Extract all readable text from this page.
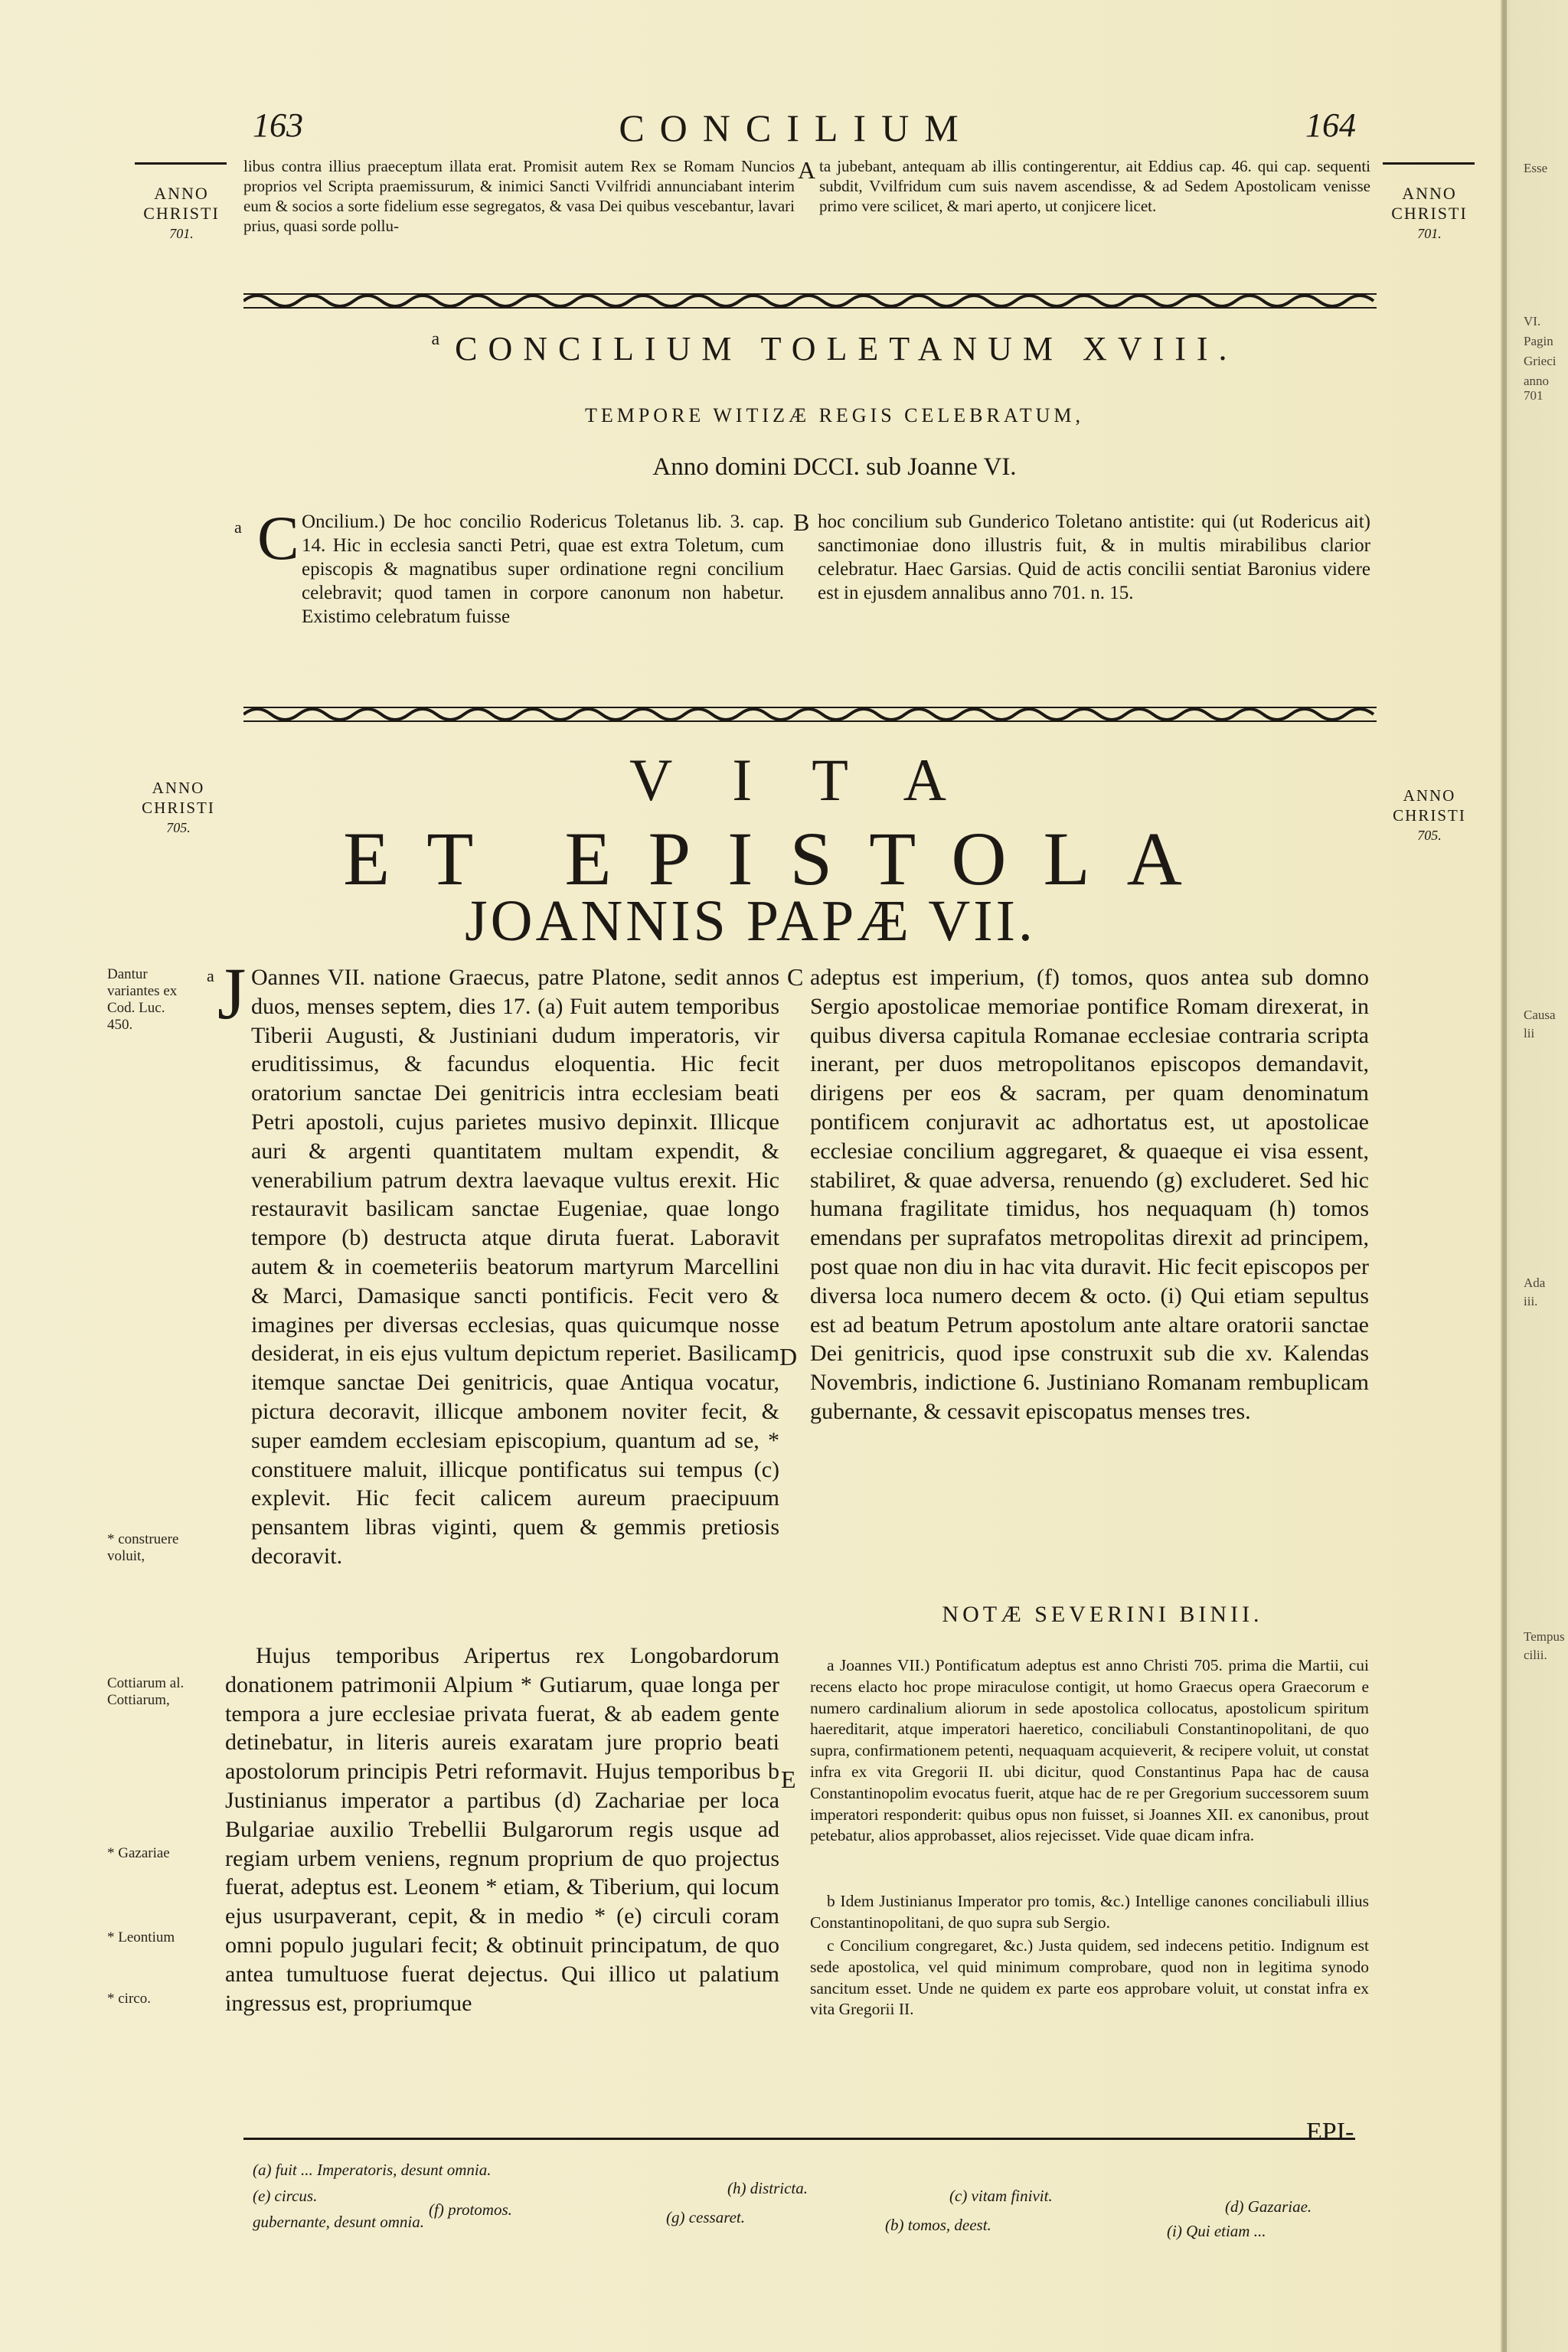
163	CONCILIUM	164
ANNO
CHRISTI
701.
ANNO
CHRISTI
701.
libus contra illius praeceptum illata erat. Promisit autem Rex se Romam Nuncios proprios vel Scripta praemissurum, & inimici Sancti Vvilfridi annunciabant interim eum & socios a sorte fidelium esse segregatos, & vasa Dei quibus vescebantur, lavari prius, quasi sorde pollu-
A ta jubebant, antequam ab illis contingerentur, ait Eddius cap. 46. qui cap. sequenti subdit, Vvilfridum cum suis navem ascendisse, & ad Sedem Apostolicam venisse primo vere scilicet, & mari aperto, ut conjicere licet.
$^a$ CONCILIUM TOLETANUM XVIII.
TEMPORE WITIZÆ REGIS CELEBRATUM,
Anno domini DCCI. sub Joanne VI.
a C Oncilium.) De hoc concilio Rodericus Toletanus lib. 3. cap. 14. Hic in ecclesia sancti Petri, quae est extra Toletum, cum episcopis & magnatibus super ordinatione regni concilium celebravit; quod tamen in corpore canonum non habetur. Existimo celebratum fuisse
B hoc concilium sub Gunderico Toletano antistite: qui (ut Rodericus ait) sanctimoniae dono illustris fuit, & in multis mirabilibus clarior celebratur. Haec Garsias. Quid de actis concilii sentiat Baronius videre est in ejusdem annalibus anno 701. n. 15.
ANNO
CHRISTI
705.
ANNO
CHRISTI
705.
VITA
ET EPISTOLA
JOANNIS PAPÆ VII.
Dantur variantes ex Cod. Luc. 450.
* construere voluit,
Cottiarum al. Cottiarum,
* Gazariae
* Leontium
* circo.
a J Oannes VII. natione Graecus, patre Platone, sedit annos duos, menses septem, dies 17. (a) Fuit autem temporibus Tiberii Augusti, & Justiniani dudum imperatoris, vir eruditissimus, & facundus eloquentia. Hic fecit oratorium sanctae Dei genitricis intra ecclesiam beati Petri apostoli, cujus parietes musivo depinxit. Illicque auri & argenti quantitatem multam expendit, & venerabilium patrum dextra laevaque vultus erexit. Hic restauravit basilicam sanctae Eugeniae, quae longo tempore (b) destructa atque diruta fuerat. Laboravit autem & in coemeteriis beatorum martyrum Marcellini & Marci, Damasique sancti pontificis. Fecit vero & imagines per diversas ecclesias, quas quicumque nosse desiderat, in eis ejus vultum depictum reperiet. Basilicam itemque sanctae Dei genitricis, quae Antiqua vocatur, pictura decoravit, illicque ambonem noviter fecit, & super eamdem ecclesiam episcopium, quantum ad se, * constituere maluit, illicque pontificatus sui tempus (c) explevit. Hic fecit calicem aureum praecipuum pensantem libras viginti, quem & gemmis pretiosis decoravit.
Hujus temporibus Aripertus rex Longobardorum donationem patrimonii Alpium * Gutiarum, quae longa per tempora a jure ecclesiae privata fuerat, & ab eadem gente detinebatur, in literis aureis exaratam jure proprio beati apostolorum principis Petri reformavit. Hujus temporibus b Justinianus imperator a partibus (d) Zachariae per loca Bulgariae auxilio Trebellii Bulgarorum regis usque ad regiam urbem veniens, regnum proprium de quo projectus fuerat, adeptus est. Leonem * etiam, & Tiberium, qui locum ejus usurpaverant, cepit, & in medio * (e) circuli coram omni populo jugulari fecit; & obtinuit principatum, de quo antea tumultuose fuerat dejectus. Qui illico ut palatium ingressus est, propriumque
C
D
E
adeptus est imperium, (f) tomos, quos antea sub domno Sergio apostolicae memoriae pontifice Romam direxerat, in quibus diversa capitula Romanae ecclesiae contraria scripta inerant, per duos metropolitanos episcopos demandavit, dirigens per eos & sacram, per quam denominatum pontificem conjuravit ac adhortatus est, ut apostolicae ecclesiae concilium aggregaret, & quaeque ei visa essent, stabiliret, & quae adversa, renuendo (g) excluderet. Sed hic humana fragilitate timidus, hos nequaquam (h) tomos emendans per suprafatos metropolitas direxit ad principem, post quae non diu in hac vita duravit. Hic fecit episcopos per diversa loca numero decem & octo. (i) Qui etiam sepultus est ad beatum Petrum apostolum ante altare oratorii sanctae Dei genitricis, quod ipse construxit sub die xv. Kalendas Novembris, indictione 6. Justiniano Romanam rembuplicam gubernante, & cessavit episcopatus menses tres.
NOTÆ SEVERINI BINII.
a Joannes VII.) Pontificatum adeptus est anno Christi 705. prima die Martii, cui recens elacto hoc prope miraculose contigit, ut homo Graecus opera Graecorum e numero cardinalium aliorum in sede apostolica collocatus, apostolicum spiritum haereditarit, atque imperatori haeretico, conciliabuli Constantinopolitani, de quo supra, confirmationem petenti, nequaquam acquieverit, & recipere voluit, ut constat infra ex vita Gregorii II. ubi dicitur, quod Constantinus Papa hac de causa Constantinopolim evocatus fuerit, atque hac de re per Gregorium successorem suum imperatori responderit: quibus opus non fuisset, si Joannes XII. ex canonibus, prout petebatur, alios approbasset, alios rejecisset. Vide quae dicam infra.
b Idem Justinianus Imperator pro tomis, &c.) Intellige canones conciliabuli illius Constantinopolitani, de quo supra sub Sergio.
c Concilium congregaret, &c.) Justa quidem, sed indecens petitio. Indignum est sede apostolica, vel quid minimum comprobare, quod non in legitima synodo sancitum esset. Unde ne quidem ex parte eos approbare voluit, ut constat infra ex vita Gregorii II.
EPI-
(a) fuit ... Imperatoris, desunt omnia.
(e) circus.
(f) protomos.
gubernante, desunt omnia.	(g) cessaret.
(h) districta.
(b) tomos, deest.
(c) vitam finivit.
(d) Gazariae.
(i) Qui etiam ...
Esse
VI.
Pagin
Grieci
anno 701
Causa
lii
Ada
iii.
Tempus
cilii.
